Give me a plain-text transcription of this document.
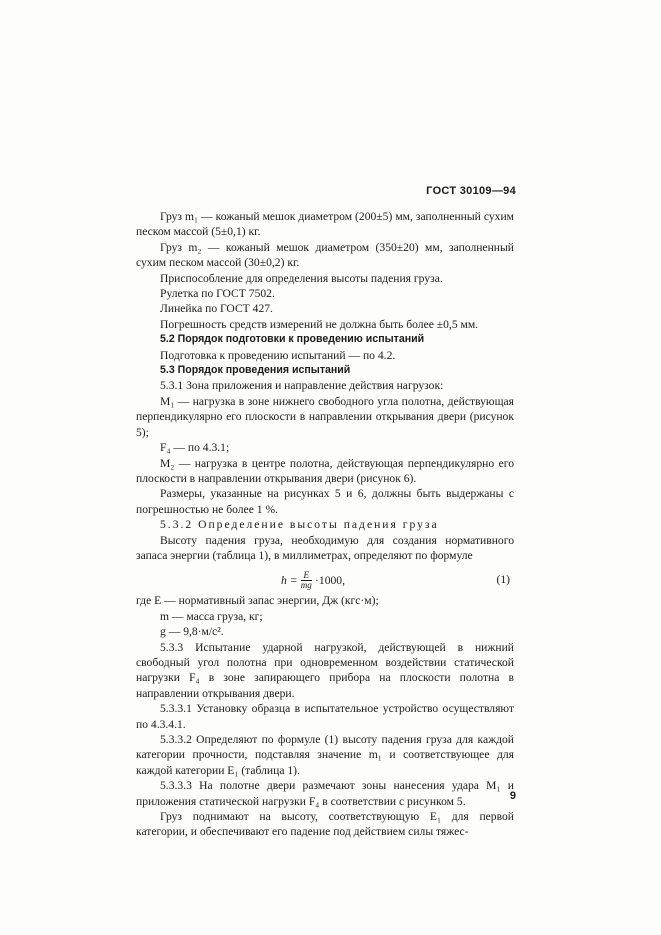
ГОСТ 30109—94

Груз m₁ — кожаный мешок диаметром (200±5) мм, заполненный сухим песком массой (5±0,1) кг.

Груз m₂ — кожаный мешок диаметром (350±20) мм, заполненный сухим песком массой (30±0,2) кг.

Приспособление для определения высоты падения груза.

Рулетка по ГОСТ 7502.

Линейка по ГОСТ 427.

Погрешность средств измерений не должна быть более ±0,5 мм.

5.2 Порядок подготовки к проведению испытаний

Подготовка к проведению испытаний — по 4.2.

5.3 Порядок проведения испытаний

5.3.1 Зона приложения и направление действия нагрузок:

M₁ — нагрузка в зоне нижнего свободного угла полотна, действующая перпендикулярно его плоскости в направлении открывания двери (рисунок 5);

F₄ — по 4.3.1;

M₂ — нагрузка в центре полотна, действующая перпендикулярно его плоскости в направлении открывания двери (рисунок 6).

Размеры, указанные на рисунках 5 и 6, должны быть выдержаны с погрешностью не более 1 %.

5.3.2 Определение высоты падения груза

Высоту падения груза, необходимую для создания нормативного запаса энергии (таблица 1), в миллиметрах, определяют по формуле

$h = \frac{E}{mg} \cdot 1000$,	(1)

где E — нормативный запас энергии, Дж (кгс·м);

m — масса груза, кг;

g — 9,8·м/с².

5.3.3 Испытание ударной нагрузкой, действующей в нижний свободный угол полотна при одновременном воздействии статической нагрузки F₄ в зоне запирающего прибора на плоскости полотна в направлении открывания двери.

5.3.3.1 Установку образца в испытательное устройство осуществляют по 4.3.4.1.

5.3.3.2 Определяют по формуле (1) высоту падения груза для каждой категории прочности, подставляя значение m₁ и соответствующее для каждой категории E₁ (таблица 1).

5.3.3.3 На полотне двери размечают зоны нанесения удара M₁ и приложения статической нагрузки F₄ в соответствии с рисунком 5.

Груз поднимают на высоту, соответствующую E₁ для первой категории, и обеспечивают его падение под действием силы тяжес-

9
